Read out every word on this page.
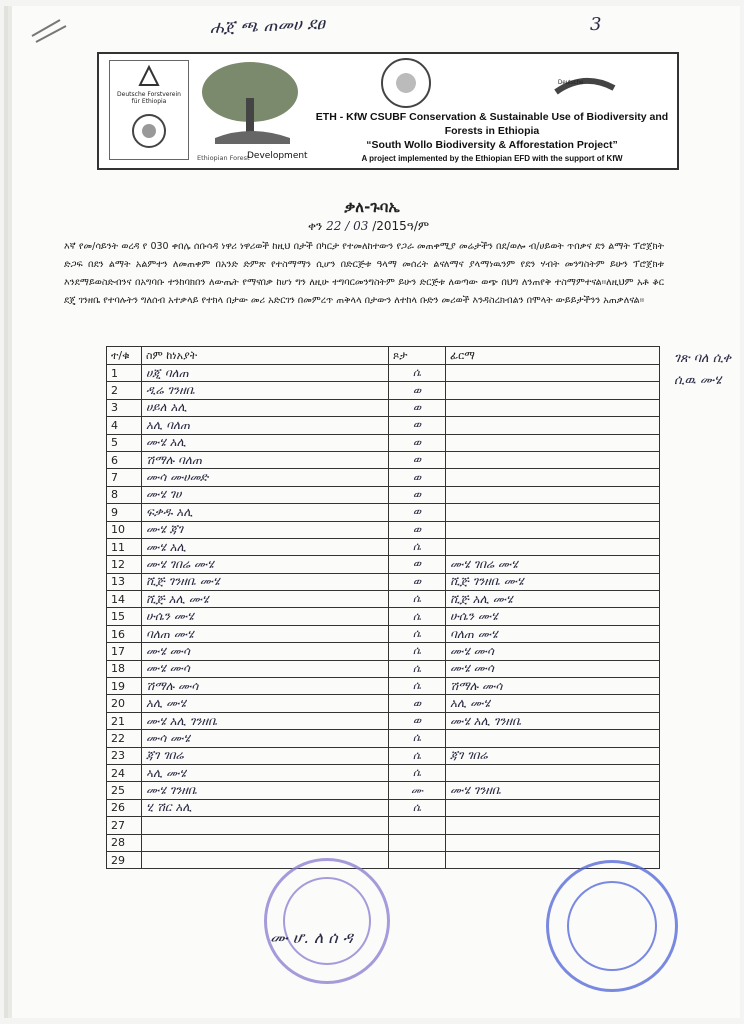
ሐጀ ጫ ጠመሀ ደፀ	3
Deutsche Forstverein für Ethiopia
Ethiopian Forest
Development
Deutsche
ETH - KfW CSUBF Conservation & Sustainable Use of Biodiversity and
Forests in Ethiopia
“South Wollo Biodiversity & Afforestation Project”
A project implemented by the Ethiopian EFD with the support of KfW
ቃለ-ጉባኤ
ቀን 22 / 03 /2015ዓ/ም
እኛ የመ/ሳይንት ወረዳ የ 030 ቀበሌ ሰቡሳዳ ነዋሪ ነዋሪወች ከዚህ በታች በካርታ የተመለከተውን የጋራ መጠቀሚያ መሬታችን በደ/ወሎ ብ/ሀይወት ጥበቃና ደን ልማት ፕሮጀክት ድጋፍ በደን ልማት አልምተን ለመጠቀም በአንድ ድምጽ የተስማማን ሲሆን በድርጅቱ ዓላማ መሰረት ልናለማና ያላማነዉንም የደን ሃብት መንግስትም ይሁን ፕሮጀክቱ እንደማይወስድብንና በአግባቡ ተንከባክበን ለውጤት የማናበቃ ከሆነ ግን ለዚሁ ተግባርመንግስትም ይሁን ድርጅቱ ለወጣው ወጭ በህግ ለንጠየቅ ተስማምተናል፡፡ለዚህም አቶ ቆር ደጄ ገንዘቤ የተባሉትን ግለሰብ አተቃላይ የተክላ በታው መሪ አድርገን በመምረጥ ጠቅላላ በታውን ለተከላ ቡድን መሪወች እንዳስረክብልን በሞላት ውይይታችንን አጠቃለናል፡፡
ተ/ቁ	ስም ከነአያት	ጾታ	ፊርማ
1	ሀጂ ባለጠ	ሴ	
2	ዲሬ ገንዘቤ	ወ	
3	ሀይለ አሊ	ወ	
4	አሊ ባለጠ	ወ	
5	ሙሄ አሊ	ወ	
6	ሽማሉ ባለጠ	ወ	
7	ሙሳ ሙሀመድ	ወ	
8	ሙሄ ገሀ	ወ	
9	ፍቃዱ አሊ	ወ	
10	ሙሄ ጃገ	ወ	
11	ሙሄ አሊ	ሴ	
12	ሙሄ ገበሬ ሙሄ	ወ	ሙሄ ገበሬ ሙሄ
13	ሺጅ ገንዘቤ ሙሄ	ወ	ሺጅ ገንዘቤ ሙሄ
14	ሺጅ አሊ ሙሄ	ሴ	ሺጅ አሊ ሙሄ
15	ሁሴን ሙሄ	ሴ	ሁሴን ሙሄ
16	ባለጠ ሙሄ	ሴ	ባለጠ ሙሄ
17	ሙሄ ሙሳ	ሴ	ሙሄ ሙሳ
18	ሙሄ ሙሳ	ሴ	ሙሄ ሙሳ
19	ሽማሉ ሙሳ	ሴ	ሽማሉ ሙሳ
20	አሊ ሙሄ	ወ	አሊ ሙሄ
21	ሙሄ አሊ ገንዘቤ	ወ	ሙሄ አሊ ገንዘቤ
22	ሙሳ ሙሄ	ሴ	
23	ጃገ ገበሬ	ሴ	ጃገ ገበሬ
24	ኣሊ ሙሄ	ሴ	
25	ሙሄ ገንዘቤ	ሙ	ሙሄ ገንዘቤ
26	ሂ ሽር አሊ	ሴ	
27			
28			
29			
ገጽ ባለ ሲቀ ሲዉ ሙሄ
ሙ ሆ. ለ ሰ ዳ
